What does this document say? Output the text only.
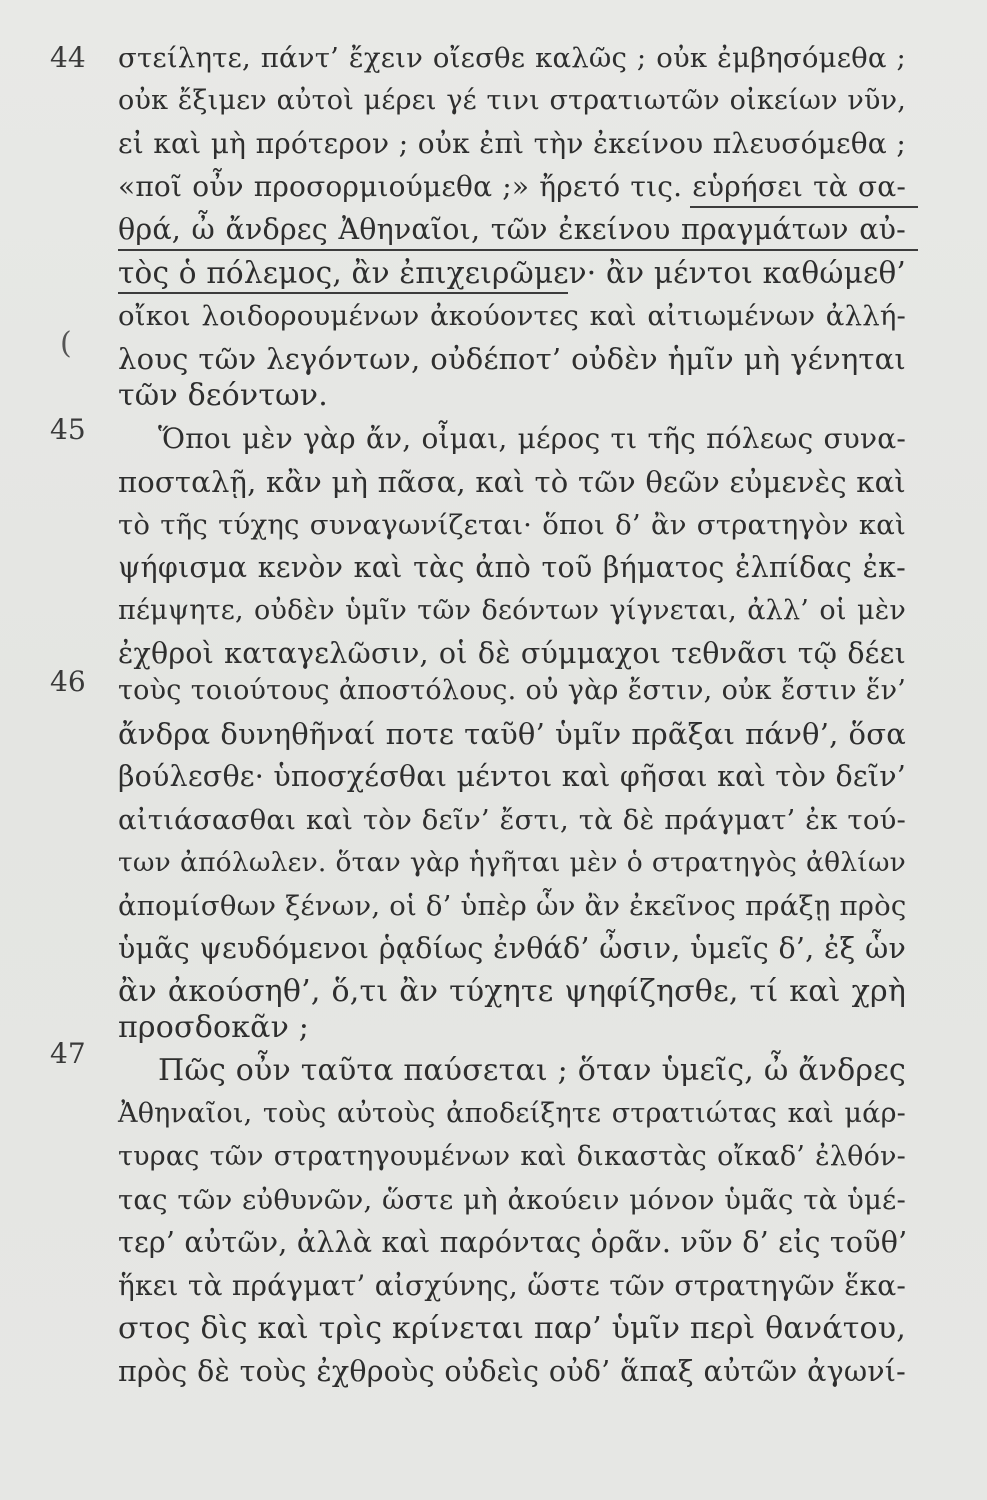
44
45
46
47
(
στείλητε, πάντ’ ἔχειν οἴεσθε καλῶς ; οὐκ ἐμβησόμεθα ;
οὐκ ἔξιμεν αὐτοὶ μέρει γέ τινι στρατιωτῶν οἰκείων νῦν,
εἰ καὶ μὴ πρότερον ; οὐκ ἐπὶ τὴν ἐκείνου πλευσόμεθα ;
«ποῖ οὖν προσορμιούμεθα ;» ἤρετό τις. εὑρήσει τὰ σα-
θρά, ὦ ἄνδρες Ἀθηναῖοι, τῶν ἐκείνου πραγμάτων αὐ-
τὸς ὁ πόλεμος, ἂν ἐπιχειρῶμεν· ἂν μέντοι καθώμεθ’
οἴκοι λοιδορουμένων ἀκούοντες καὶ αἰτιωμένων ἀλλή-
λους τῶν λεγόντων, οὐδέποτ’ οὐδὲν ἡμῖν μὴ γένηται
τῶν δεόντων.
Ὅποι μὲν γὰρ ἄν, οἶμαι, μέρος τι τῆς πόλεως συνα-
ποσταλῇ, κἂν μὴ πᾶσα, καὶ τὸ τῶν θεῶν εὐμενὲς καὶ
τὸ τῆς τύχης συναγωνίζεται· ὅποι δ’ ἂν στρατηγὸν καὶ
ψήφισμα κενὸν καὶ τὰς ἀπὸ τοῦ βήματος ἐλπίδας ἐκ-
πέμψητε, οὐδὲν ὑμῖν τῶν δεόντων γίγνεται, ἀλλ’ οἱ μὲν
ἐχθροὶ καταγελῶσιν, οἱ δὲ σύμμαχοι τεθνᾶσι τῷ δέει
τοὺς τοιούτους ἀποστόλους. οὐ γὰρ ἔστιν, οὐκ ἔστιν ἕν’
ἄνδρα δυνηθῆναί ποτε ταῦθ’ ὑμῖν πρᾶξαι πάνθ’, ὅσα
βούλεσθε· ὑποσχέσθαι μέντοι καὶ φῆσαι καὶ τὸν δεῖν’
αἰτιάσασθαι καὶ τὸν δεῖν’ ἔστι, τὰ δὲ πράγματ’ ἐκ τού-
των ἀπόλωλεν. ὅταν γὰρ ἡγῆται μὲν ὁ στρατηγὸς ἀθλίων
ἀπομίσθων ξένων, οἱ δ’ ὑπὲρ ὧν ἂν ἐκεῖνος πράξῃ πρὸς
ὑμᾶς ψευδόμενοι ῥᾳδίως ἐνθάδ’ ὦσιν, ὑμεῖς δ’, ἐξ ὧν
ἂν ἀκούσηθ’, ὅ,τι ἂν τύχητε ψηφίζησθε, τί καὶ χρὴ
προσδοκᾶν ;
Πῶς οὖν ταῦτα παύσεται ; ὅταν ὑμεῖς, ὦ ἄνδρες
Ἀθηναῖοι, τοὺς αὐτοὺς ἀποδείξητε στρατιώτας καὶ μάρ-
τυρας τῶν στρατηγουμένων καὶ δικαστὰς οἴκαδ’ ἐλθόν-
τας τῶν εὐθυνῶν, ὥστε μὴ ἀκούειν μόνον ὑμᾶς τὰ ὑμέ-
τερ’ αὐτῶν, ἀλλὰ καὶ παρόντας ὁρᾶν. νῦν δ’ εἰς τοῦθ’
ἥκει τὰ πράγματ’ αἰσχύνης, ὥστε τῶν στρατηγῶν ἕκα-
στος δὶς καὶ τρὶς κρίνεται παρ’ ὑμῖν περὶ θανάτου,
πρὸς δὲ τοὺς ἐχθροὺς οὐδεὶς οὐδ’ ἅπαξ αὐτῶν ἀγωνί-
